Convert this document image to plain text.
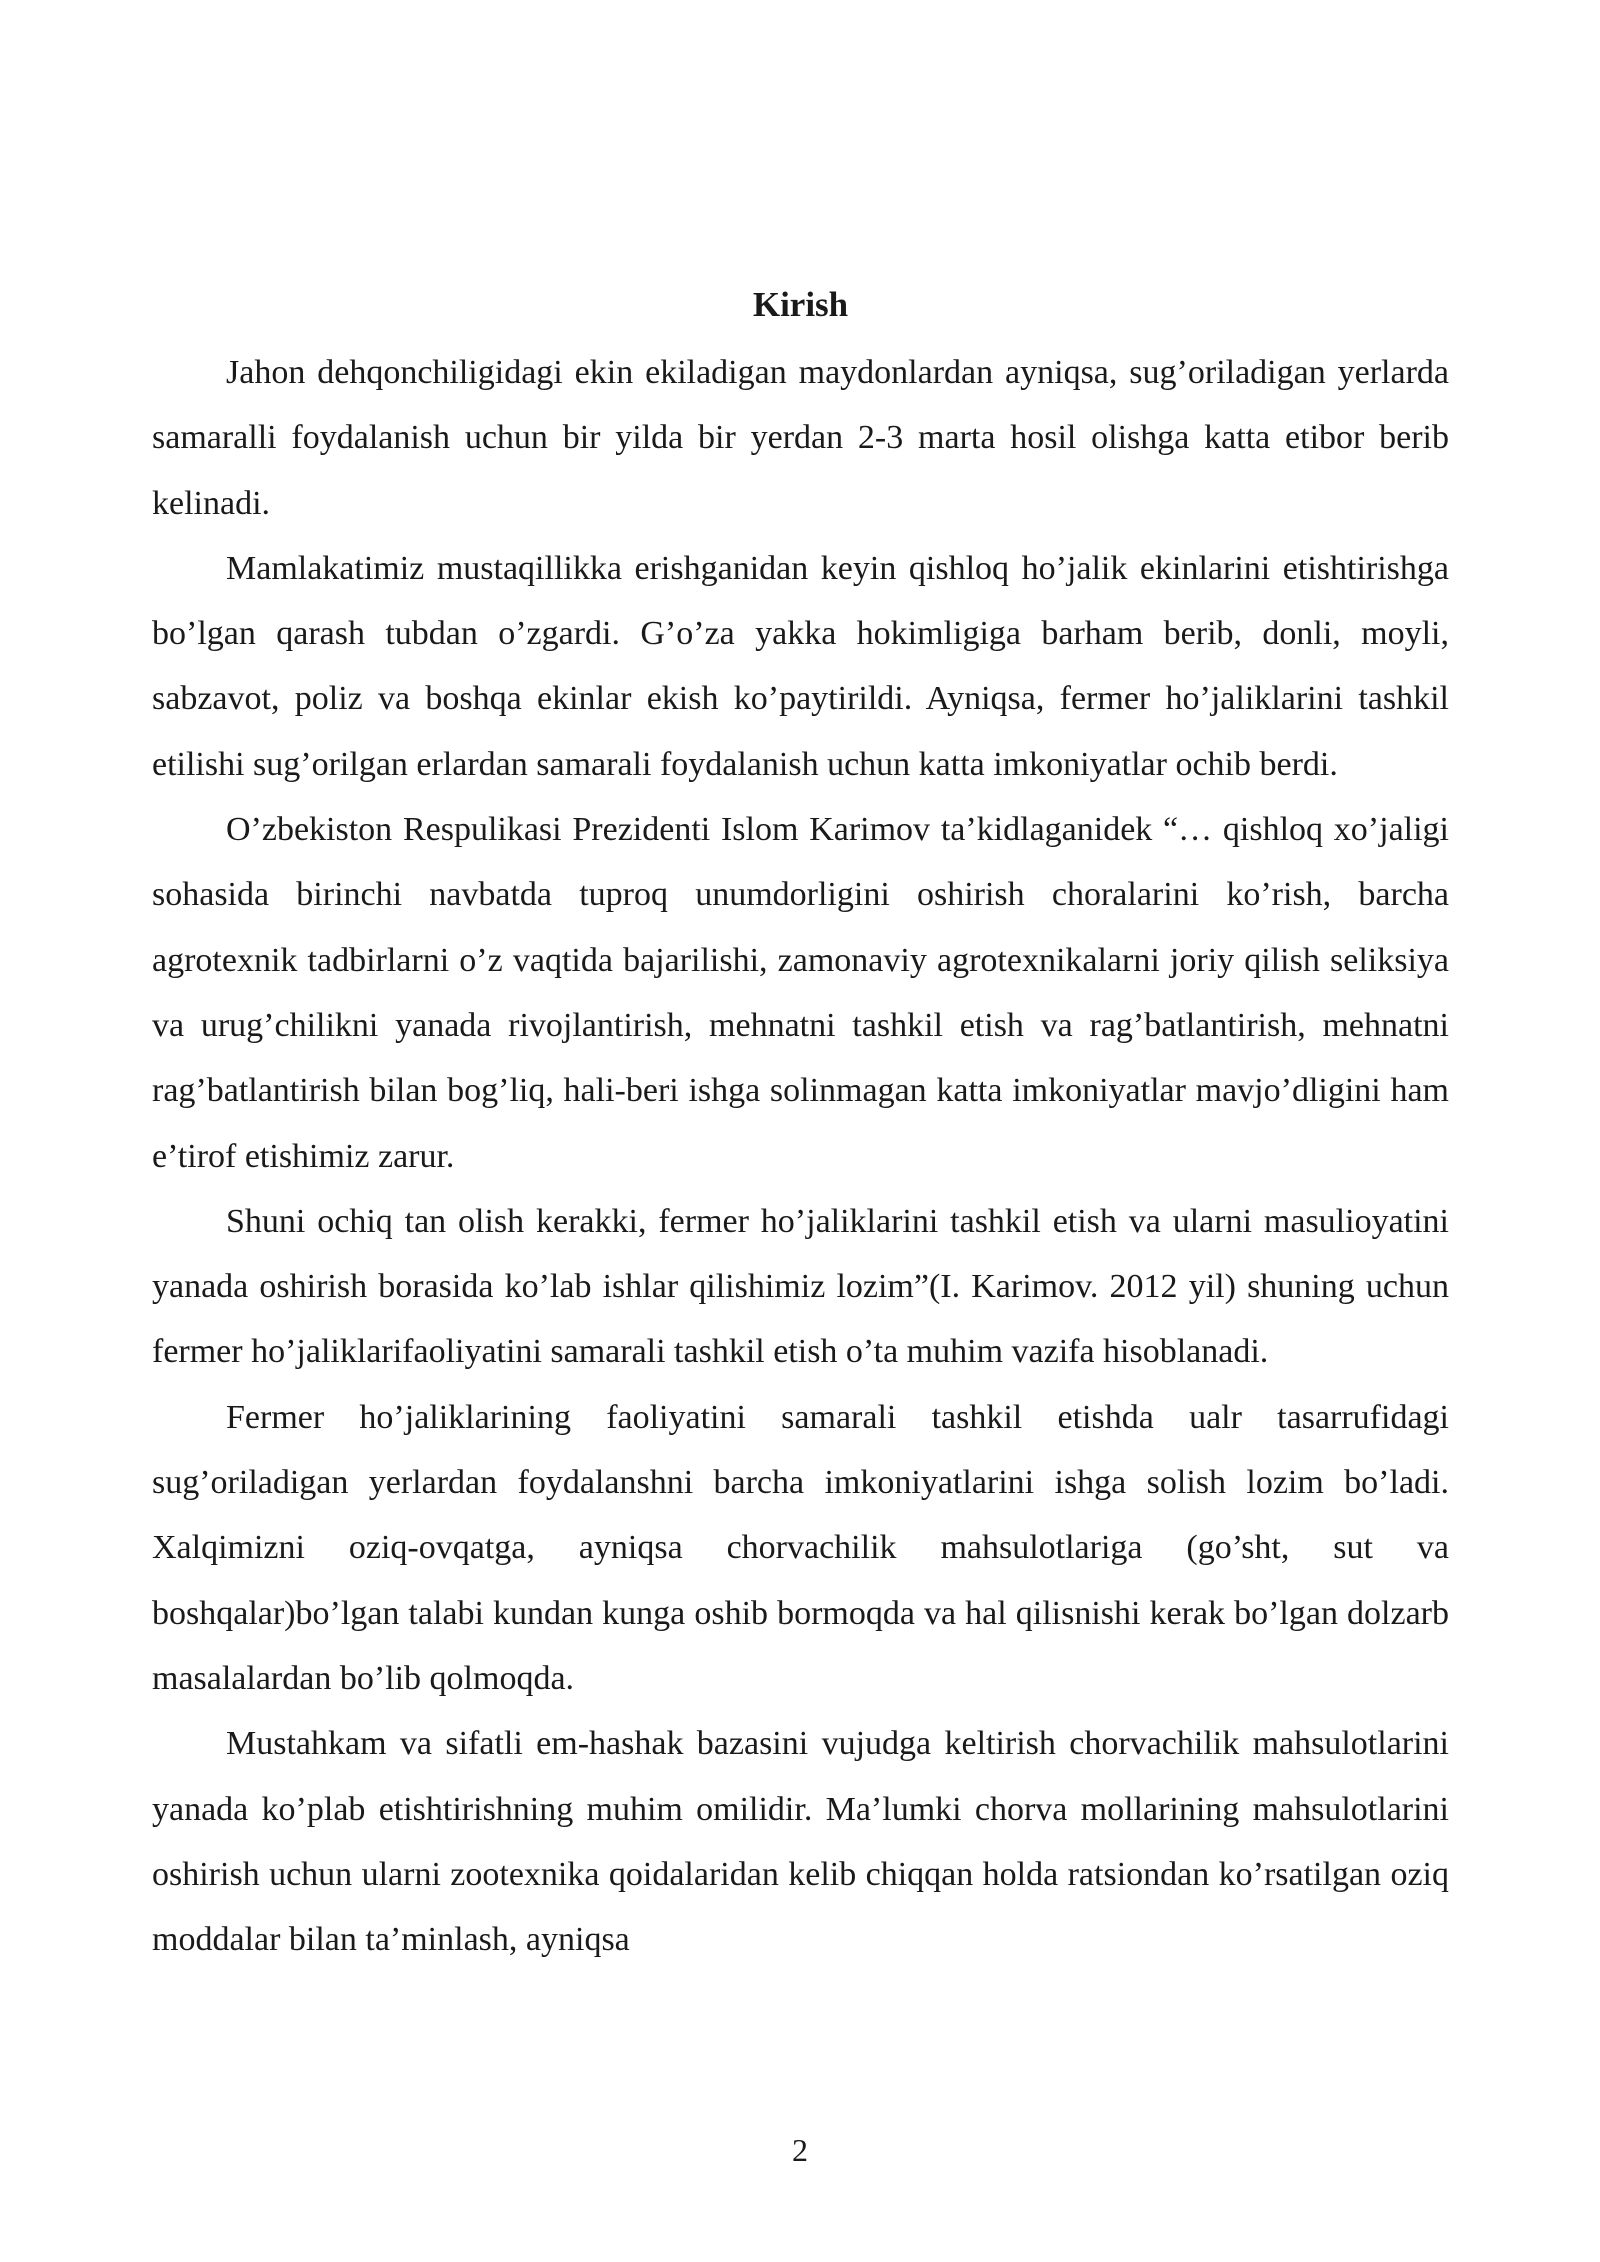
Kirish

Jahon dehqonchiligidagi ekin ekiladigan maydonlardan ayniqsa, sug’oriladigan yerlarda samaralli foydalanish uchun bir yilda bir yerdan 2-3 marta hosil olishga katta etibor berib kelinadi.

Mamlakatimiz mustaqillikka erishganidan keyin qishloq ho’jalik ekinlarini etishtirishga bo’lgan qarash tubdan o’zgardi. G’o’za yakka hokimligiga barham berib, donli, moyli, sabzavot, poliz va boshqa ekinlar ekish ko’paytirildi. Ayniqsa, fermer ho’jaliklarini tashkil etilishi sug’orilgan erlardan samarali foydalanish uchun katta imkoniyatlar ochib berdi.

O’zbekiston Respulikasi Prezidenti Islom Karimov ta’kidlaganidek “… qishloq xo’jaligi sohasida birinchi navbatda tuproq unumdorligini oshirish choralarini ko’rish, barcha agrotexnik tadbirlarni o’z vaqtida bajarilishi, zamonaviy agrotexnikalarni joriy qilish seliksiya va urug’chilikni yanada rivojlantirish, mehnatni tashkil etish va rag’batlantirish, mehnatni rag’batlantirish bilan bog’liq, hali-beri ishga solinmagan katta imkoniyatlar mavjo’dligini ham e’tirof etishimiz zarur.

Shuni ochiq tan olish kerakki, fermer ho’jaliklarini tashkil etish va ularni masulioyatini yanada oshirish borasida ko’lab ishlar qilishimiz lozim”(I. Karimov. 2012 yil) shuning uchun fermer ho’jaliklarifaoliyatini samarali tashkil etish o’ta muhim vazifa hisoblanadi.

Fermer ho’jaliklarining faoliyatini samarali tashkil etishda ualr tasarrufidagi sug’oriladigan yerlardan foydalanshni barcha imkoniyatlarini ishga solish lozim bo’ladi. Xalqimizni oziq-ovqatga, ayniqsa chorvachilik mahsulotlariga (go’sht, sut va boshqalar)bo’lgan talabi kundan kunga oshib bormoqda va hal qilisnishi kerak bo’lgan dolzarb masalalardan bo’lib qolmoqda.

Mustahkam va sifatli em-hashak bazasini vujudga keltirish chorvachilik mahsulotlarini yanada ko’plab etishtirishning muhim omilidir. Ma’lumki chorva mollarining mahsulotlarini oshirish uchun ularni zootexnika qoidalaridan kelib chiqqan holda ratsiondan ko’rsatilgan oziq moddalar bilan ta’minlash, ayniqsa

2
